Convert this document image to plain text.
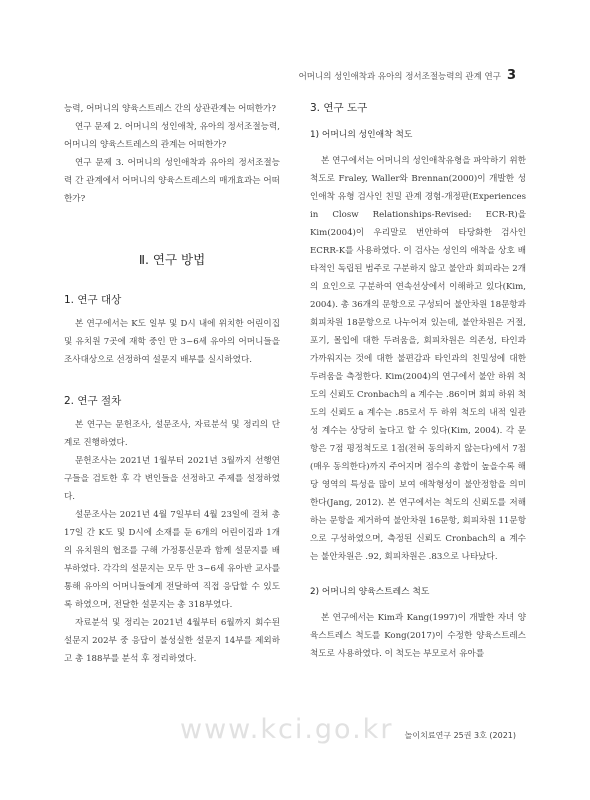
어머니의 성인애착과 유아의 정서조절능력의 관계 연구 3

능력, 어머니의 양육스트레스 간의 상관관계는 어떠한가?

연구 문제 2. 어머니의 성인애착, 유아의 정서조절능력, 어머니의 양육스트레스의 관계는 어떠한가?

연구 문제 3. 어머니의 성인애착과 유아의 정서조절능력 간 관계에서 어머니의 양육스트레스의 매개효과는 어떠한가?

Ⅱ. 연구 방법

1. 연구 대상

본 연구에서는 K도 일부 및 D시 내에 위치한 어린이집 및 유치원 7곳에 재학 중인 만 3~6세 유아의 어머니들을 조사대상으로 선정하여 설문지 배부를 실시하였다.

2. 연구 절차

본 연구는 문헌조사, 설문조사, 자료분석 및 정리의 단계로 진행하였다.

문헌조사는 2021년 1월부터 2021년 3월까지 선행연구들을 검토한 후 각 변인들을 선정하고 주제를 설정하였다.

설문조사는 2021년 4월 7일부터 4월 23일에 걸쳐 총 17일 간 K도 및 D시에 소재를 둔 6개의 어린이집과 1개의 유치원의 협조를 구해 가정통신문과 함께 설문지를 배부하였다. 각각의 설문지는 모두 만 3~6세 유아반 교사를 통해 유아의 어머니들에게 전달하여 직접 응답할 수 있도록 하였으며, 전달한 설문지는 총 318부였다.

자료분석 및 정리는 2021년 4월부터 6월까지 회수된 설문지 202부 중 응답이 불성실한 설문지 14부를 제외하고 총 188부를 분석 후 정리하였다.

3. 연구 도구

1) 어머니의 성인애착 척도

본 연구에서는 어머니의 성인애착유형을 파악하기 위한 척도로 Fraley, Waller와 Brennan(2000)이 개발한 성인애착 유형 검사인 친밀 관계 경험-개정판(Experiences in Closw Relationships-Revised: ECR-R)을 Kim(2004)이 우리말로 번안하여 타당화한 검사인 ECRR-K를 사용하였다. 이 검사는 성인의 애착을 상호 배타적인 독립된 범주로 구분하지 않고 불안과 회피라는 2개의 요인으로 구분하여 연속선상에서 이해하고 있다(Kim, 2004). 총 36개의 문항으로 구성되어 불안차원 18문항과 회피차원 18문항으로 나누어져 있는데, 불안차원은 거절, 포기, 몰입에 대한 두려움을, 회피차원은 의존성, 타인과 가까워지는 것에 대한 불편감과 타인과의 친밀성에 대한 두려움을 측정한다. Kim(2004)의 연구에서 불안 하위 척도의 신뢰도 Cronbach의 a 계수는 .86이며 회피 하위 척도의 신뢰도 a 계수는 .85로서 두 하위 척도의 내적 일관성 계수는 상당히 높다고 할 수 있다(Kim, 2004). 각 문항은 7점 평정척도로 1점(전혀 동의하지 않는다)에서 7점(매우 동의한다)까지 주어지며 점수의 총합이 높을수록 해당 영역의 특성을 많이 보여 애착형성이 불안정함을 의미한다(Jang, 2012). 본 연구에서는 척도의 신뢰도를 저해하는 문항을 제거하여 불안차원 16문항, 회피차원 11문항으로 구성하였으며, 측정된 신뢰도 Cronbach의 a 계수는 불안차원은 .92, 회피차원은 .83으로 나타났다.

2) 어머니의 양육스트레스 척도

본 연구에서는 Kim과 Kang(1997)이 개발한 자녀 양육스트레스 척도를 Kong(2017)이 수정한 양육스트레스 척도로 사용하였다. 이 척도는 부모로서 유아를

www.kci.go.kr 놀이치료연구 25권 3호 (2021)
